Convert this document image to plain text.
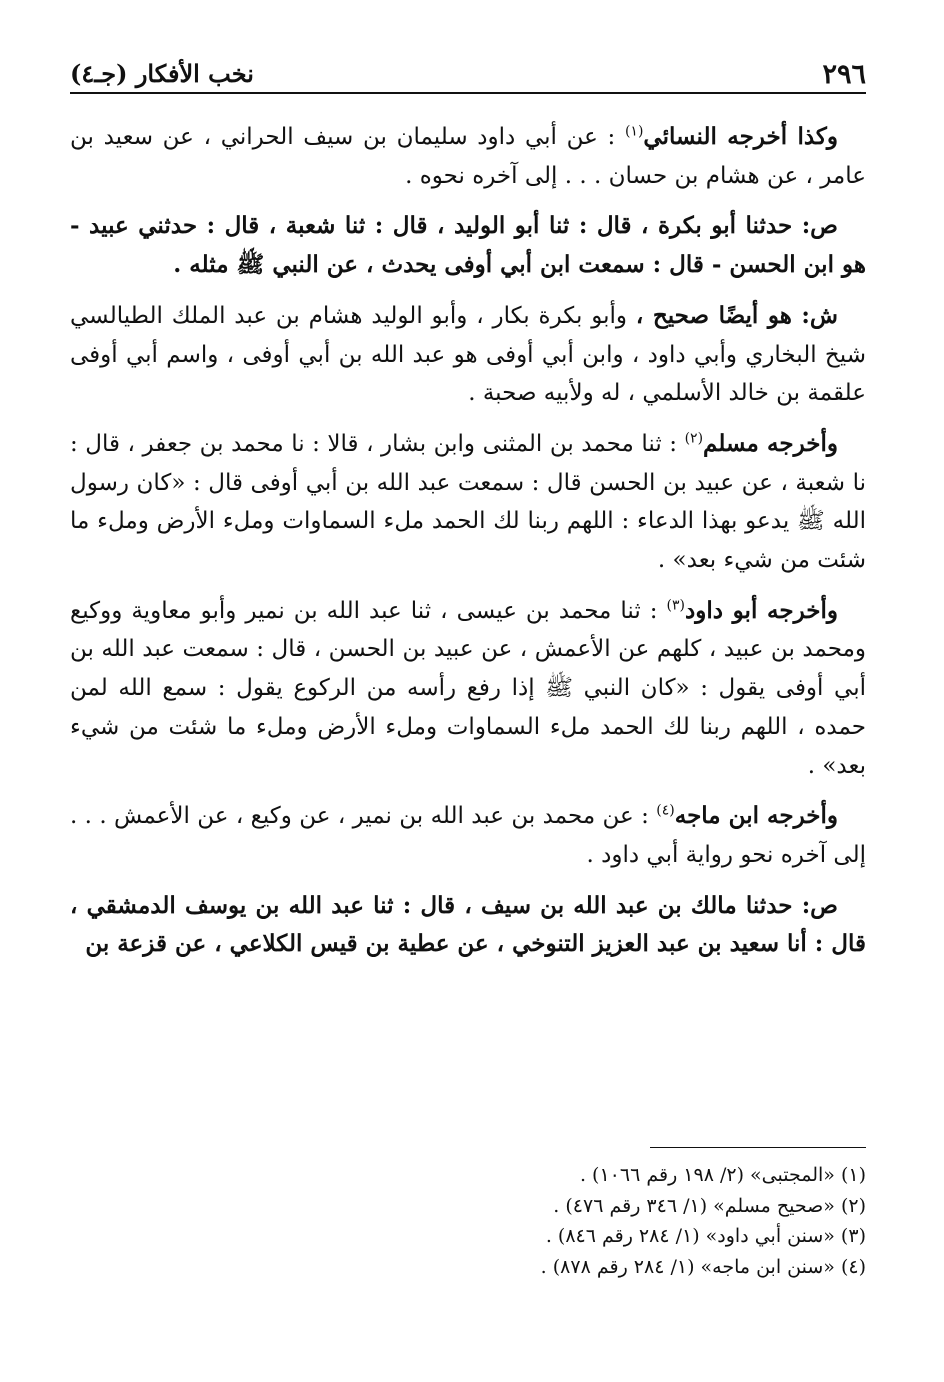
٢٩٦
نخب الأفكار (جـ٤)

وكذا أخرجه النسائي$^{(١)}$ : عن أبي داود سليمان بن سيف الحراني ، عن سعيد بن عامر ، عن هشام بن حسان . . . إلى آخره نحوه .

ص: حدثنا أبو بكرة ، قال : ثنا أبو الوليد ، قال : ثنا شعبة ، قال : حدثني عبيد - هو ابن الحسن - قال : سمعت ابن أبي أوفى يحدث ، عن النبي ﷺ مثله .

ش: هو أيضًا صحيح ، وأبو بكرة بكار ، وأبو الوليد هشام بن عبد الملك الطيالسي شيخ البخاري وأبي داود ، وابن أبي أوفى هو عبد الله بن أبي أوفى ، واسم أبي أوفى علقمة بن خالد الأسلمي ، له ولأبيه صحبة .

وأخرجه مسلم$^{(٢)}$ : ثنا محمد بن المثنى وابن بشار ، قالا : نا محمد بن جعفر ، قال : نا شعبة ، عن عبيد بن الحسن قال : سمعت عبد الله بن أبي أوفى قال : «كان رسول الله ﷺ يدعو بهذا الدعاء : اللهم ربنا لك الحمد ملء السماوات وملء الأرض وملء ما شئت من شيء بعد» .

وأخرجه أبو داود$^{(٣)}$ : ثنا محمد بن عيسى ، ثنا عبد الله بن نمير وأبو معاوية ووكيع ومحمد بن عبيد ، كلهم عن الأعمش ، عن عبيد بن الحسن ، قال : سمعت عبد الله بن أبي أوفى يقول : «كان النبي ﷺ إذا رفع رأسه من الركوع يقول : سمع الله لمن حمده ، اللهم ربنا لك الحمد ملء السماوات وملء الأرض وملء ما شئت من شيء بعد» .

وأخرجه ابن ماجه$^{(٤)}$ : عن محمد بن عبد الله بن نمير ، عن وكيع ، عن الأعمش . . . إلى آخره نحو رواية أبي داود .

ص: حدثنا مالك بن عبد الله بن سيف ، قال : ثنا عبد الله بن يوسف الدمشقي ، قال : أنا سعيد بن عبد العزيز التنوخي ، عن عطية بن قيس الكلاعي ، عن قزعة بن

(١) «المجتبى» (٢/ ١٩٨ رقم ١٠٦٦) .
(٢) «صحيح مسلم» (١/ ٣٤٦ رقم ٤٧٦) .
(٣) «سنن أبي داود» (١/ ٢٨٤ رقم ٨٤٦) .
(٤) «سنن ابن ماجه» (١/ ٢٨٤ رقم ٨٧٨) .
